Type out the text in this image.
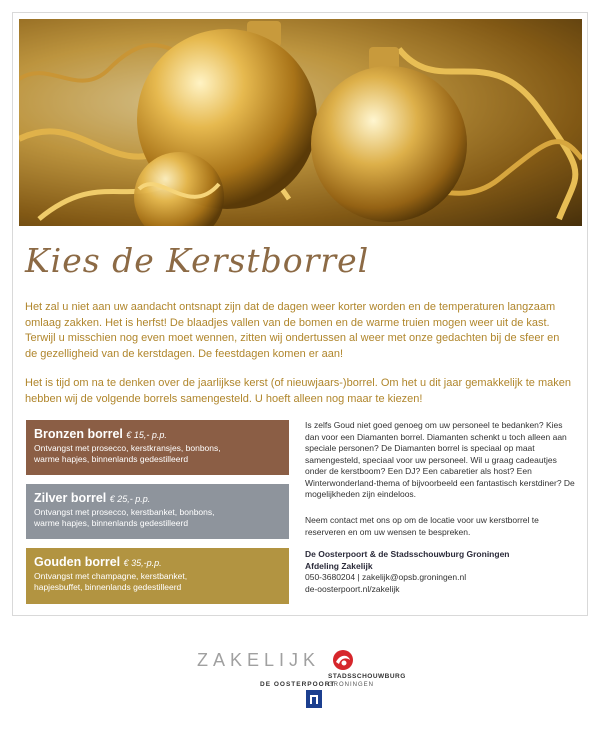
Kies de Kerstborrel

Het zal u niet aan uw aandacht ontsnapt zijn dat de dagen weer korter worden en de temperaturen langzaam omlaag zakken. Het is herfst! De blaadjes vallen van de bomen en de warme truien mogen weer uit de kast. Terwijl u misschien nog even moet wennen, zitten wij ondertussen al weer met onze gedachten bij de sfeer en de gezelligheid van de kerstdagen. De feestdagen komen er aan!

Het is tijd om na te denken over de jaarlijkse kerst (of nieuwjaars-)borrel. Om het u dit jaar gemakkelijk te maken hebben wij de volgende borrels samengesteld. U hoeft alleen nog maar te kiezen!

Bronzen borrel € 15,- p.p.
Ontvangst met prosecco, kerstkransjes, bonbons,
warme hapjes, binnenlands gedestilleerd
Zilver borrel € 25,- p.p.
Ontvangst met prosecco, kerstbanket, bonbons,
warme hapjes, binnenlands gedestilleerd
Gouden borrel € 35,-p.p.
Ontvangst met champagne, kerstbanket,
hapjesbuffet, binnenlands gedestilleerd

Is zelfs Goud niet goed genoeg om uw personeel te bedanken? Kies dan voor een Diamanten borrel. Diamanten schenkt u toch alleen aan speciale personen? De Diamanten borrel is speciaal op maat samengesteld, speciaal voor uw personeel. Wil u graag cadeautjes onder de kerstboom? Een DJ? Een cabaretier als host? Een Winterwonderland-thema of bijvoorbeeld een fantastisch kerstdiner? De mogelijkheden zijn eindeloos.

Neem contact met ons op om de locatie voor uw kerstborrel te reserveren en om uw wensen te bespreken.

De Oosterpoort & de Stadsschouwburg Groningen
Afdeling Zakelijk
050-3680204 | zakelijk@opsb.groningen.nl
de-oosterpoort.nl/zakelijk
ZAKELIJK
STADSSCHOUWBURG
GRONINGEN
DE OOSTERPOORT
